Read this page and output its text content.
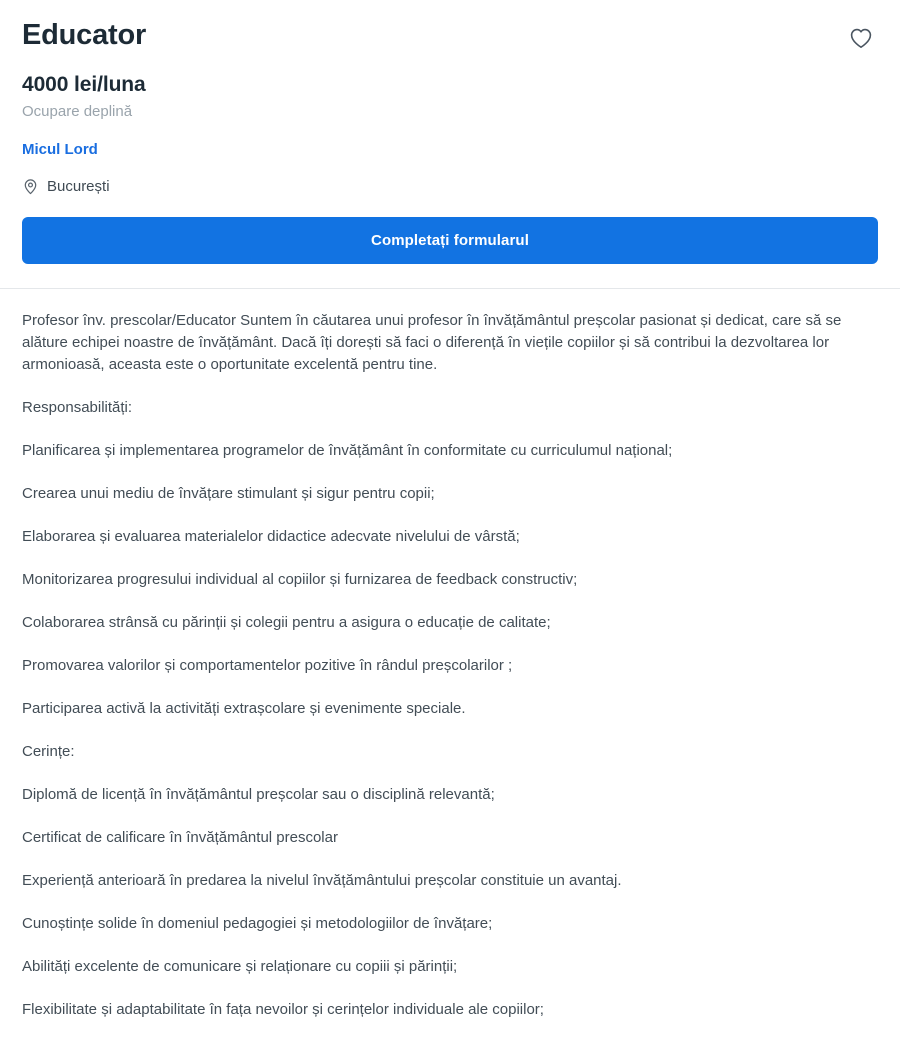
Educator
4000 lei/luna
Ocupare deplină
Micul Lord
București
Completați formularul

Profesor înv. prescolar/Educator Suntem în căutarea unui profesor în învățământul preșcolar pasionat și dedicat, care să se alăture echipei noastre de învățământ. Dacă îți dorești să faci o diferență în viețile copiilor și să contribui la dezvoltarea lor armonioasă, aceasta este o oportunitate excelentă pentru tine.

Responsabilități:

Planificarea și implementarea programelor de învățământ în conformitate cu curriculumul național;

Crearea unui mediu de învățare stimulant și sigur pentru copii;

Elaborarea și evaluarea materialelor didactice adecvate nivelului de vârstă;

Monitorizarea progresului individual al copiilor și furnizarea de feedback constructiv;

Colaborarea strânsă cu părinții și colegii pentru a asigura o educație de calitate;

Promovarea valorilor și comportamentelor pozitive în rândul preșcolarilor ;

Participarea activă la activități extrașcolare și evenimente speciale.

Cerințe:

Diplomă de licență în învățământul preșcolar sau o disciplină relevantă;

Certificat de calificare în învățământul prescolar

Experiență anterioară în predarea la nivelul învățământului preșcolar constituie un avantaj.

Cunoștințe solide în domeniul pedagogiei și metodologiilor de învățare;

Abilități excelente de comunicare și relaționare cu copiii și părinții;

Flexibilitate și adaptabilitate în fața nevoilor și cerințelor individuale ale copiilor;
